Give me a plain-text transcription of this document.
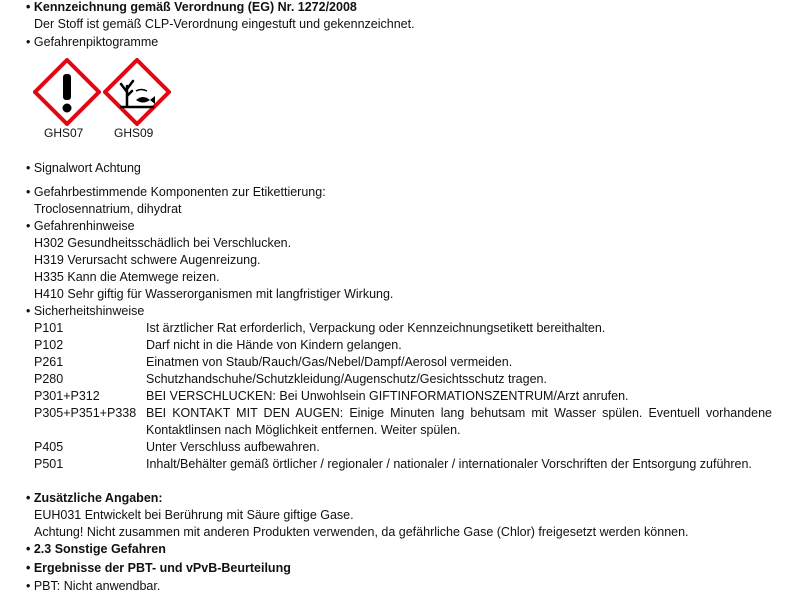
• Kennzeichnung gemäß Verordnung (EG) Nr. 1272/2008
Der Stoff ist gemäß CLP-Verordnung eingestuft und gekennzeichnet.
• Gefahrenpiktogramme
GHS07	GHS09
• Signalwort Achtung
• Gefahrbestimmende Komponenten zur Etikettierung:
Troclosennatrium, dihydrat
• Gefahrenhinweise
H302 Gesundheitsschädlich bei Verschlucken.
H319 Verursacht schwere Augenreizung.
H335 Kann die Atemwege reizen.
H410 Sehr giftig für Wasserorganismen mit langfristiger Wirkung.
• Sicherheitshinweise
P101	Ist ärztlicher Rat erforderlich, Verpackung oder Kennzeichnungsetikett bereithalten.
P102	Darf nicht in die Hände von Kindern gelangen.
P261	Einatmen von Staub/Rauch/Gas/Nebel/Dampf/Aerosol vermeiden.
P280	Schutzhandschuhe/Schutzkleidung/Augenschutz/Gesichtsschutz tragen.
P301+P312	BEI VERSCHLUCKEN: Bei Unwohlsein GIFTINFORMATIONSZENTRUM/Arzt anrufen.
P305+P351+P338 BEI KONTAKT MIT DEN AUGEN: Einige Minuten lang behutsam mit Wasser spülen. Eventuell vorhandene Kontaktlinsen nach Möglichkeit entfernen. Weiter spülen.
P405	Unter Verschluss aufbewahren.
P501	Inhalt/Behälter gemäß örtlicher / regionaler / nationaler / internationaler Vorschriften der Entsorgung zuführen.
• Zusätzliche Angaben:
EUH031 Entwickelt bei Berührung mit Säure giftige Gase.
Achtung! Nicht zusammen mit anderen Produkten verwenden, da gefährliche Gase (Chlor) freigesetzt werden können.
• 2.3 Sonstige Gefahren
• Ergebnisse der PBT- und vPvB-Beurteilung
• PBT: Nicht anwendbar.
